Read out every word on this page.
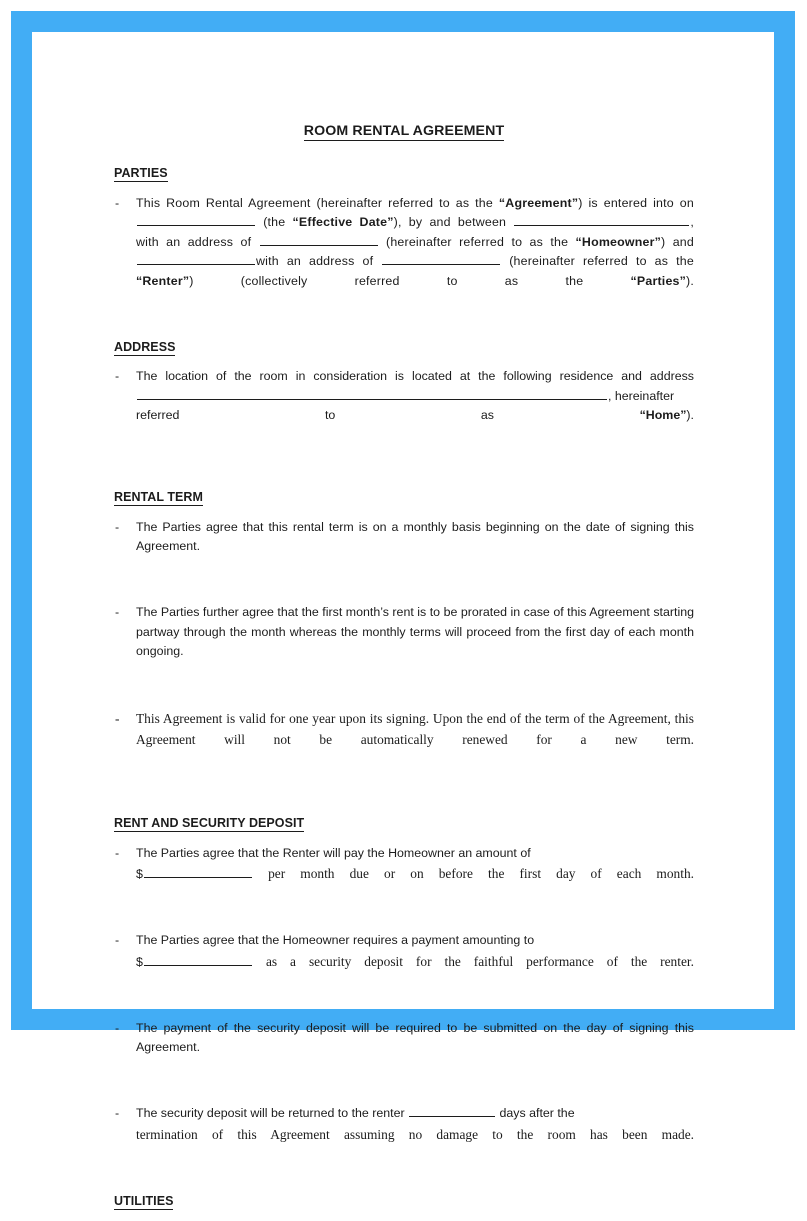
ROOM RENTAL AGREEMENT
PARTIES
- This Room Rental Agreement (hereinafter referred to as the “Agreement”) is entered into on  (the “Effective Date”), by and between	, with an address of	(hereinafter referred to as the “Homeowner”) and with an address of	(hereinafter referred to as the “Renter”) (collectively referred to as the “Parties”).
ADDRESS
- The location of the room in consideration is located at the following residence and address , hereinafter
referred to as “Home”).
RENTAL TERM
- The Parties agree that this rental term is on a monthly basis beginning on the date of signing this Agreement.
- The Parties further agree that the first month’s rent is to be prorated in case of this Agreement starting partway through the month whereas the monthly terms will proceed from the first day of each month ongoing.
- This Agreement is valid for one year upon its signing. Upon the end of the term of the Agreement, this Agreement will not be automatically renewed for a new term.
RENT AND SECURITY DEPOSIT
- The Parties agree that the Renter will pay the Homeowner an amount of
$	per month due or on before the first day of each month.
- The Parties agree that the Homeowner requires a payment amounting to
$	as a security deposit for the faithful performance of the renter.
- The payment of the security deposit will be required to be submitted on the day of signing this Agreement.
- The security deposit will be returned to the renter	days after the
termination of this Agreement assuming no damage to the room has been made.
UTILITIES
